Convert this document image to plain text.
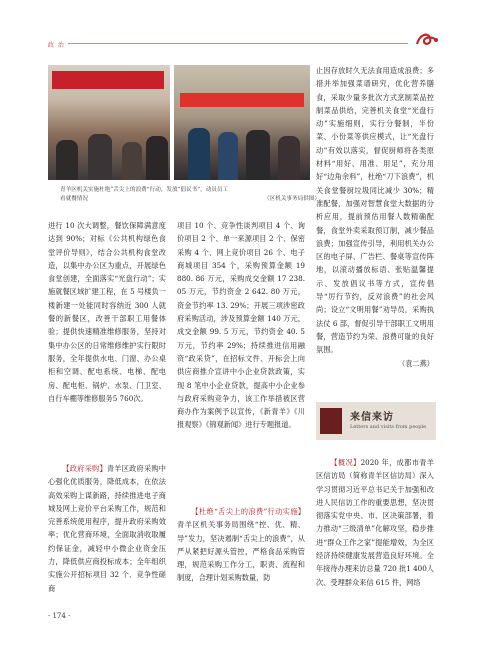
政 治
青羊区机关实施杜绝“舌尖上的浪费”行动，发放“倡议书”，动员员工
看就餐情况	（区机关事务局供图）

进行 10 次大调整，餐饮保障满意度达到 90%；对标《公共机构绿色食堂评价导则》，结合公共机构食堂改造，以集中办公区为重点，开展绿色食堂创建，全面落实“光盘行动”；实施就餐区域扩建工程，在 5 号楼负一楼新建一处能同时容纳近 300 人就餐的新餐区，改善干部职工用餐体验；提供快速精准维修服务，坚持对集中办公区的日常维修维护实行限时服务，全年提供水电、门窗、办公桌柜和空调、配电系统、电梯、配电房、配电柜、锅炉、水泵、门卫室、自行车棚等维修服务5 760次。

【政府采购】青羊区政府采购中心强化优质服务，降低成本，在依法高效采购上谋新路，持续推进电子商城及网上竞价平台采购工作，规范和完善系统使用程序，提升政府采购效率；优化营商环境，全面取消收取履约保证金，减轻中小微企业资金压力，降低供应商投标成本；全年组织实施公开招标项目 32 个、竞争性磋商

项目 10 个、竞争性谈判项目 4 个、询价项目 2 个、单一来源项目 2 个、保密采购 4 个、网上竞价项目 26 个、电子商城项目 354 个，采购预算金额 19 880. 86 万元，采购成交金额 17 238. 05 万元，节约资金 2 642. 80 万元，资金节约率 13. 29%；开展三项涉密政府采购活动，涉及预算金额 140 万元，成交金额 99. 5 万元，节约资金 40. 5 万元，节约率 29%；持续推进信用融资“政采贷”，在招标文件、开标会上向供应商推介宣讲中小企业贷款政策，实现 8 笔中小企业贷款，提高中小企业参与政府采购竞争力，该工作举措被区营商办作为案例予以宣传，《新青羊》《川报观察》《锦观新闻》进行专题报道。

【杜绝“舌尖上的浪费”行动实施】青羊区机关事务局围绕“控、优、精、导”发力，坚决遏制“舌尖上的浪费”，从严从紧把好源头管控，严格食品采购管理，规范采购工作分工，职责、流程和制度，合理计划采购数量，防

止因存放时久无法食用造成浪费；多措并举加强菜谱研究，优化营养膳食，采取少量多批次方式烹制菜品控制菜品供给，完善机关食堂“光盘行动”实施细则，实行分餐制，半份菜、小份菜等供应模式，让“光盘行动”有效以落实，督促厨师将各类原材料“用好、用准、用足”，充分用好“边角余料”，杜绝“刀下浪费”，机关食堂餐厨垃圾同比减少 30%；精准配餐，加强对智慧食堂大数据的分析应用，提前预估用餐人数精确配餐，食堂外卖采取预订制，减少餐品浪费；加强宣传引导，利用机关办公区的电子屏、广告栏、餐桌等宣传阵地，以滚动播放标语、张贴温馨提示、发放倡议书等方式，宣传倡导“厉行节约，反对浪费”的社会风尚；设立“文明用餐”劝导员，采购执法仗 6 部，督促引导干部职工文明用餐，营造节约为荣、浪费可耻的良好氛围。

（袁二燕）

来信来访
Letters and visits from people

【概况】2020 年，成都市青羊区信访局（简称青羊区信访局）深入学习贯彻习近平总书记关于加强和改进人民信访工作的重要思想，坚决贯彻落实党中央、市、区决策部署，着力推动“三级清单”化解攻坚，稳步推进“群众工作之家”提能增效，为全区经济持续健康发展营造良好环境。全年接待办理来访总量 720 批1 400人次、受理群众来信 615 件，网络

· 174 ·
